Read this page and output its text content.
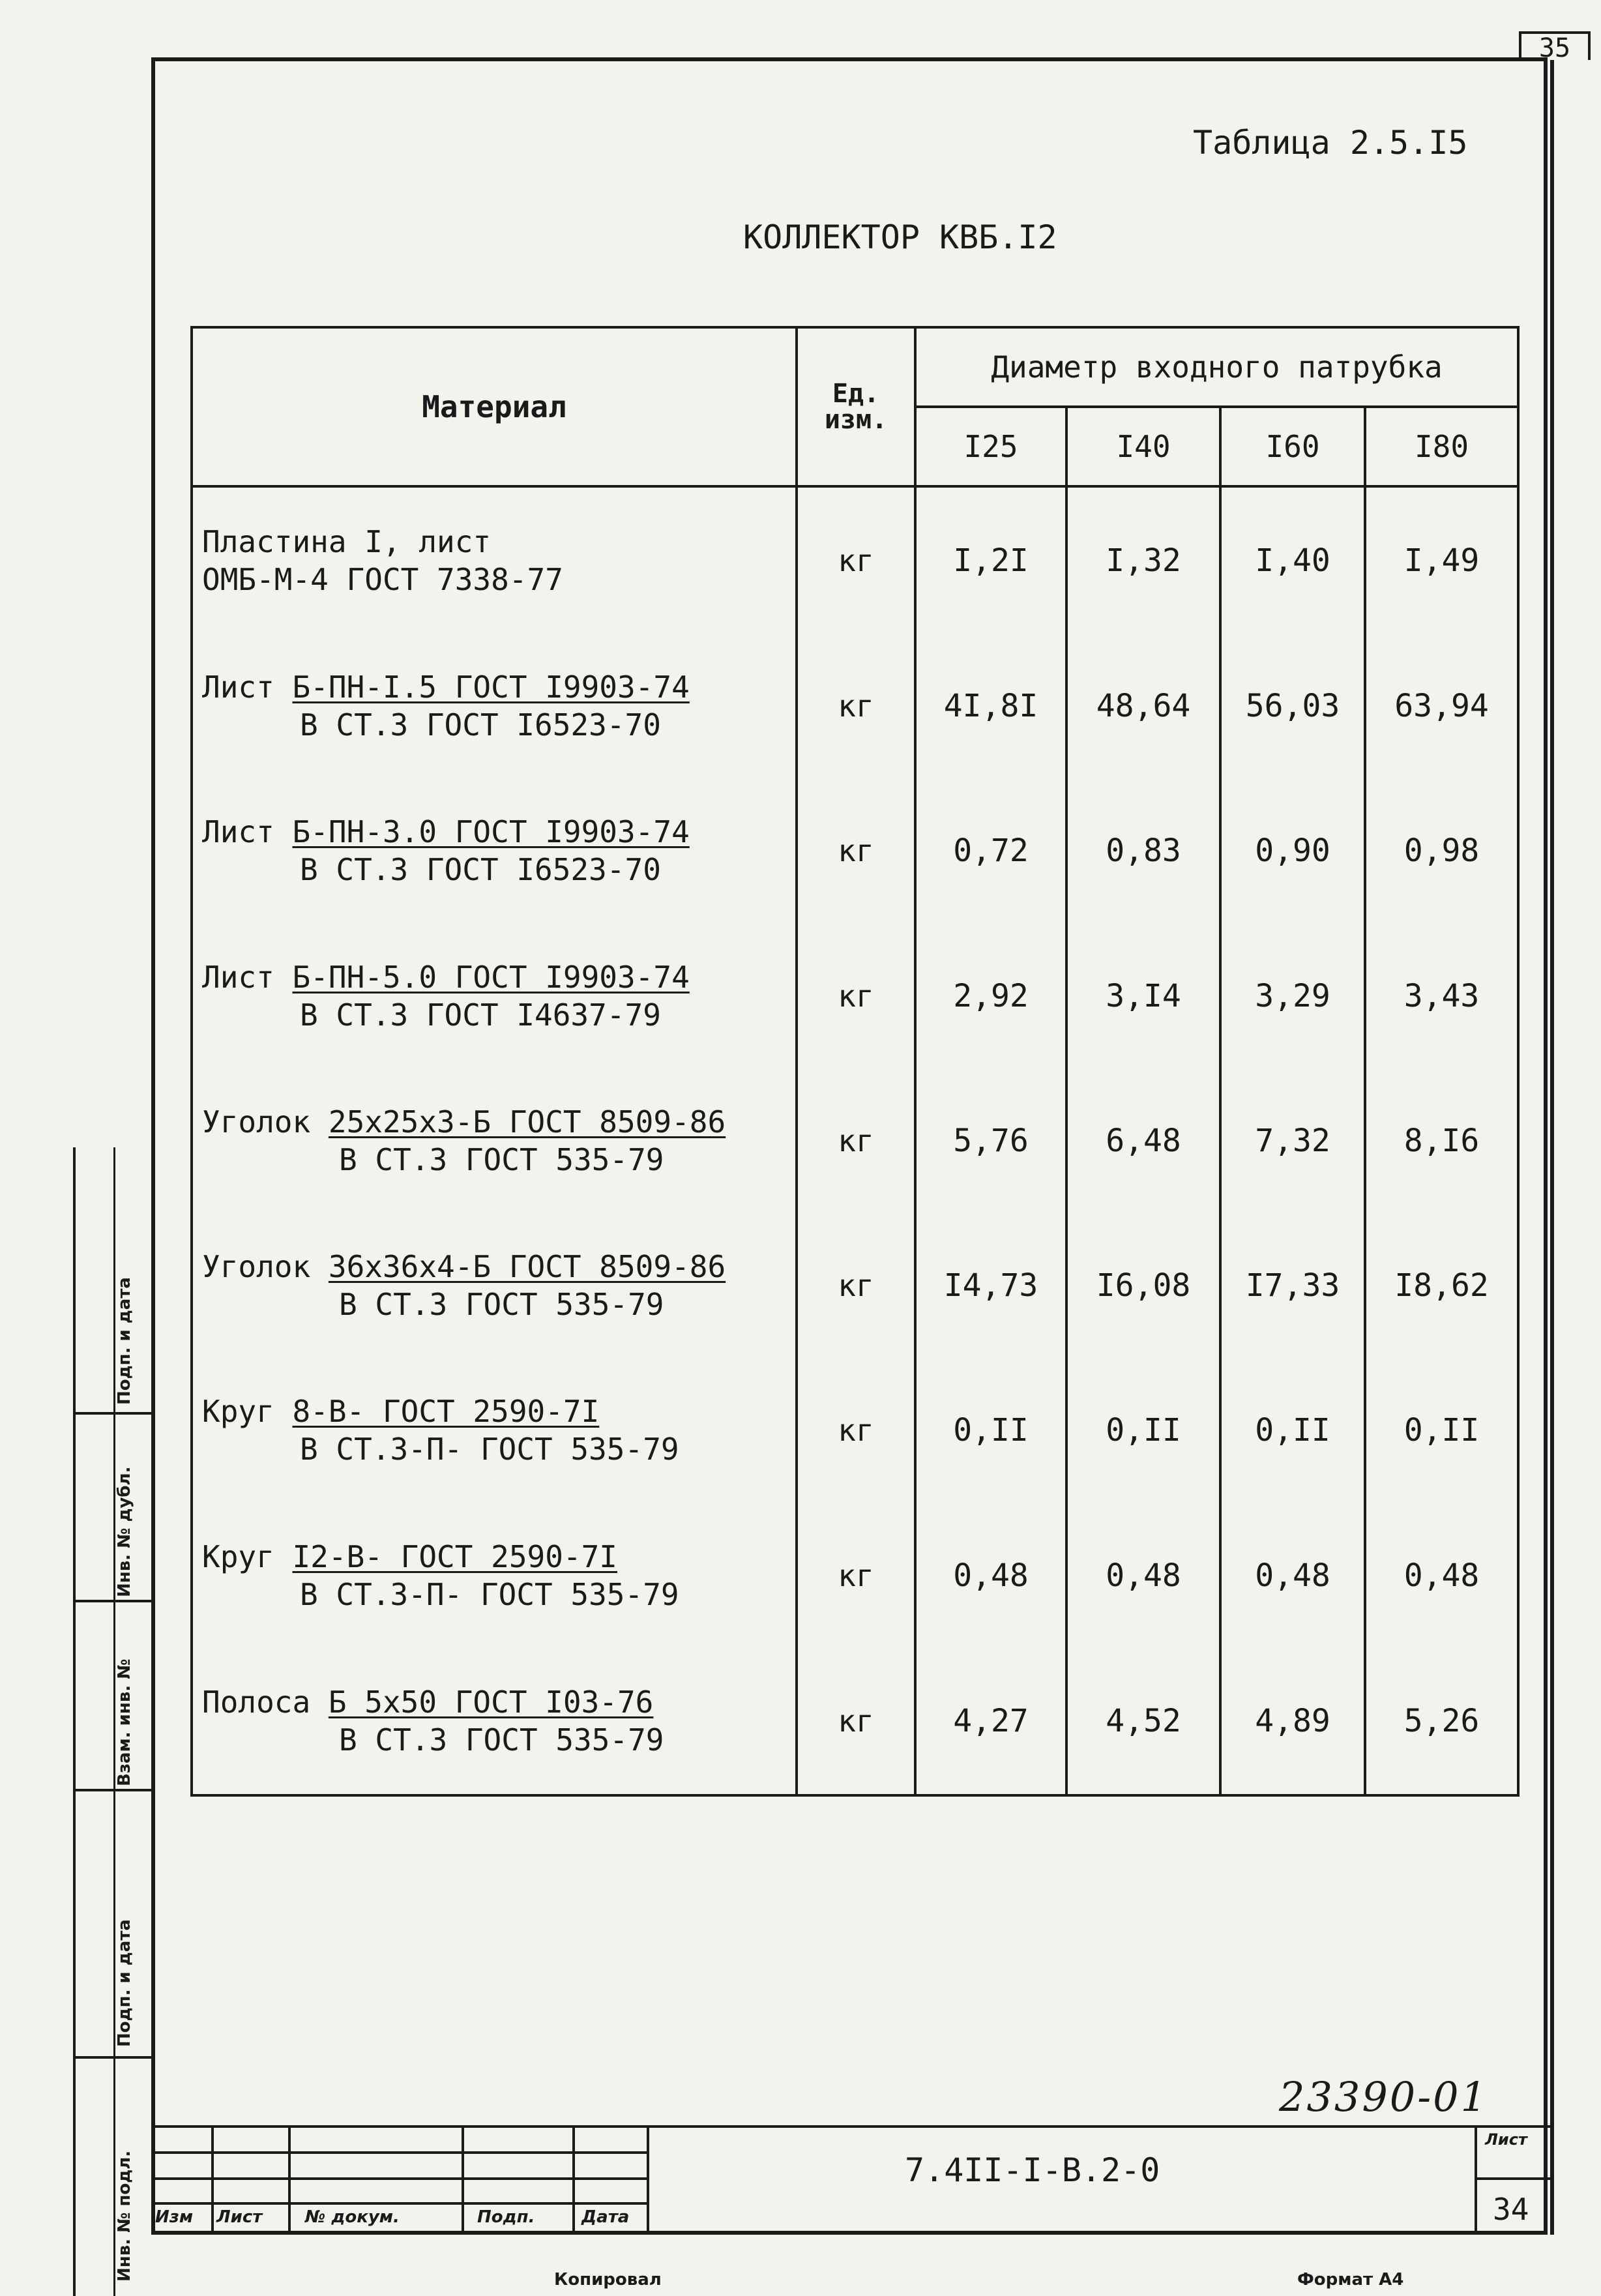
35
Таблица 2.5.I5
КОЛЛЕКТОР КВБ.I2
Материал	Ед. изм.	Диаметр входного патрубка			
		I25	I40	I60	I80
Пластина I, лист
ОМБ-М-4 ГОСТ 7338-77	кг	I,2I	I,32	I,40	I,49
Лист Б-ПН-I.5 ГОСТ I9903-74
В СТ.3 ГОСТ I6523-70	кг	4I,8I	48,64	56,03	63,94
Лист Б-ПН-3.0 ГОСТ I9903-74
В СТ.3 ГОСТ I6523-70	кг	0,72	0,83	0,90	0,98
Лист Б-ПН-5.0 ГОСТ I9903-74
В СТ.3 ГОСТ I4637-79	кг	2,92	3,I4	3,29	3,43
Уголок 25х25х3-Б ГОСТ 8509-86
В СТ.3 ГОСТ 535-79	кг	5,76	6,48	7,32	8,I6
Уголок 36х36х4-Б ГОСТ 8509-86
В СТ.3 ГОСТ 535-79	кг	I4,73	I6,08	I7,33	I8,62
Круг 8-В- ГОСТ 2590-7I
В СТ.3-П- ГОСТ 535-79	кг	0,II	0,II	0,II	0,II
Круг I2-В- ГОСТ 2590-7I
В СТ.3-П- ГОСТ 535-79	кг	0,48	0,48	0,48	0,48
Полоса Б 5х50 ГОСТ I03-76
В СТ.3 ГОСТ 535-79	кг	4,27	4,52	4,89	5,26
Подп. и дата
Инв. № дубл.
Взам. инв. №
Подп. и дата
Инв. № подл.
23390-01
Изм Лист	№ докум.	Подп.	Дата
7.4II-I-В.2-0
Лист
34
Копировал	Формат А4
